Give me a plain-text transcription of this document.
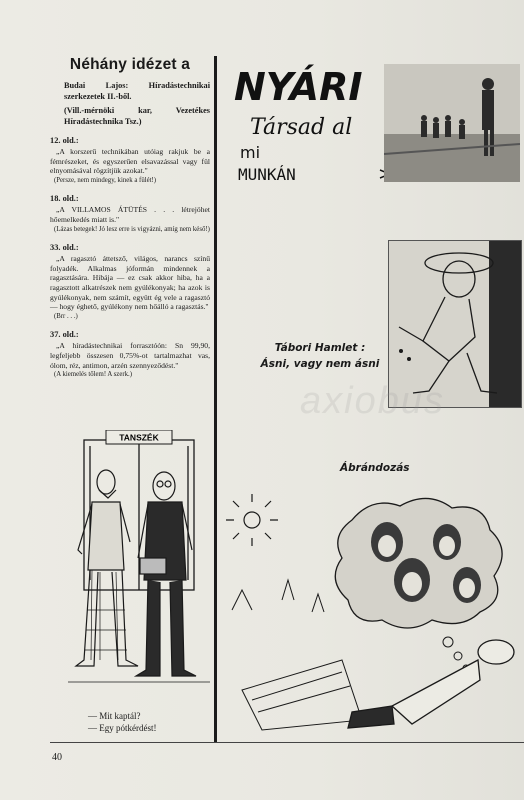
Néhány idézet a
Budai Lajos: Híradástechnikai szerkezetek II.-ből.
(Vill.-mérnöki kar, Vezetékes Híradástechnika Tsz.)
12. old.:
„A korszerű technikában utóiag rakjuk be a fémrészeket, és egyszerűen elsavazással vagy fül elnyomásával rögzítjük azokat."
(Persze, nem mindegy, kinek a fülét!)
18. old.:
„A VILLAMOS ÁTÜTÉS . . . létrejöhet hőemelkedés miatt is."
(Lázas betegek! Jó lesz erre is vigyázni, amíg nem késő!)
33. old.:
„A ragasztó áttetsző, világos, narancs színű folyadék. Alkalmas jóformán mindennek a ragasztására. Hibája — ez csak akkor hiba, ha a ragasztott alkatrészek nem gyúlékonyak; ha azok is gyúlékonyak, nem számít, együtt ég vele a ragasztó — hogy éghető, gyúlékony nem hőálló a ragasztás."
(Brr . . .)
37. old.:
„A híradástechnikai forrasztóón: Sn 99,90, legfeljebb összesen 0,75%-ot tartalmazhat vas, ólom, réz, antimon, arzén szennyeződést."
(A kiemelés tőlem! A szerk.)
TANSZÉK
— Mit kaptál?
— Egy pótkérdést!
NYÁRI
Társad al
mi
MUNKÁN
Tábori Hamlet :
Ásni, vagy nem ásni
axiobus
Ábrándozás
40
